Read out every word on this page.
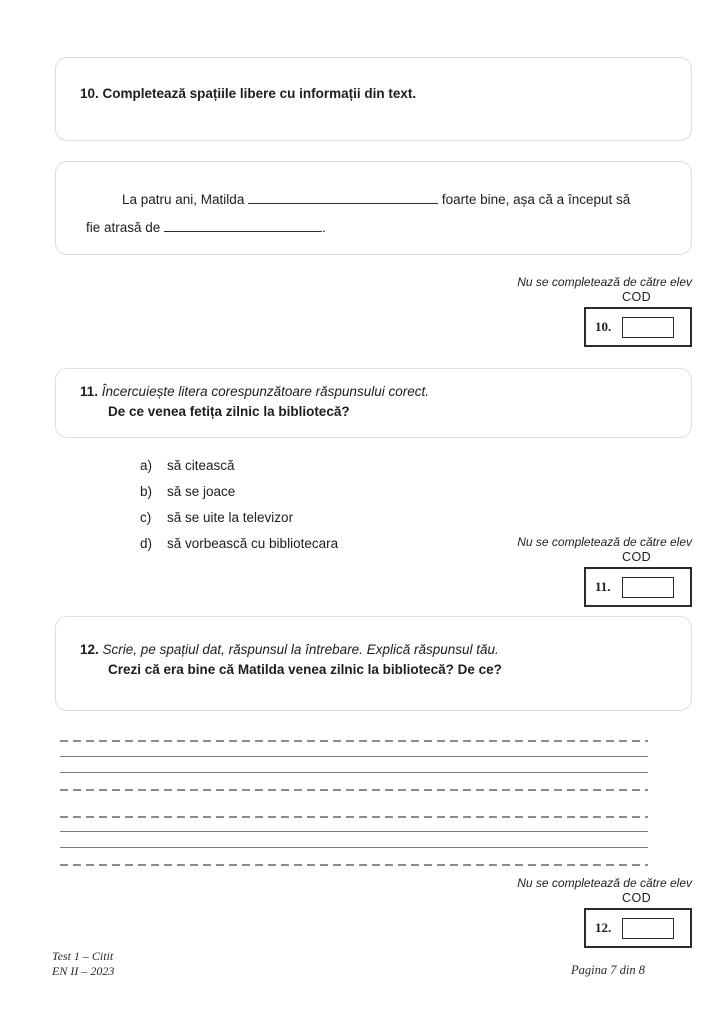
10. Completează spațiile libere cu informații din text.
La patru ani, Matilda	foarte bine, așa că a început să
fie atrasă de	.
Nu se completează de către elev
COD
10.
11. Încercuiește litera corespunzătoare răspunsului corect.
De ce venea fetița zilnic la bibliotecă?
a)	să citească
b)	să se joace
c)	să se uite la televizor
d)	să vorbească cu bibliotecara	Nu se completează de către elev
COD
11.
12. Scrie, pe spațiul dat, răspunsul la întrebare. Explică răspunsul tău.
Crezi că era bine că Matilda venea zilnic la bibliotecă? De ce?
Nu se completează de către elev
COD
12.
Test 1 – Citit
EN II – 2023	Pagina 7 din 8
